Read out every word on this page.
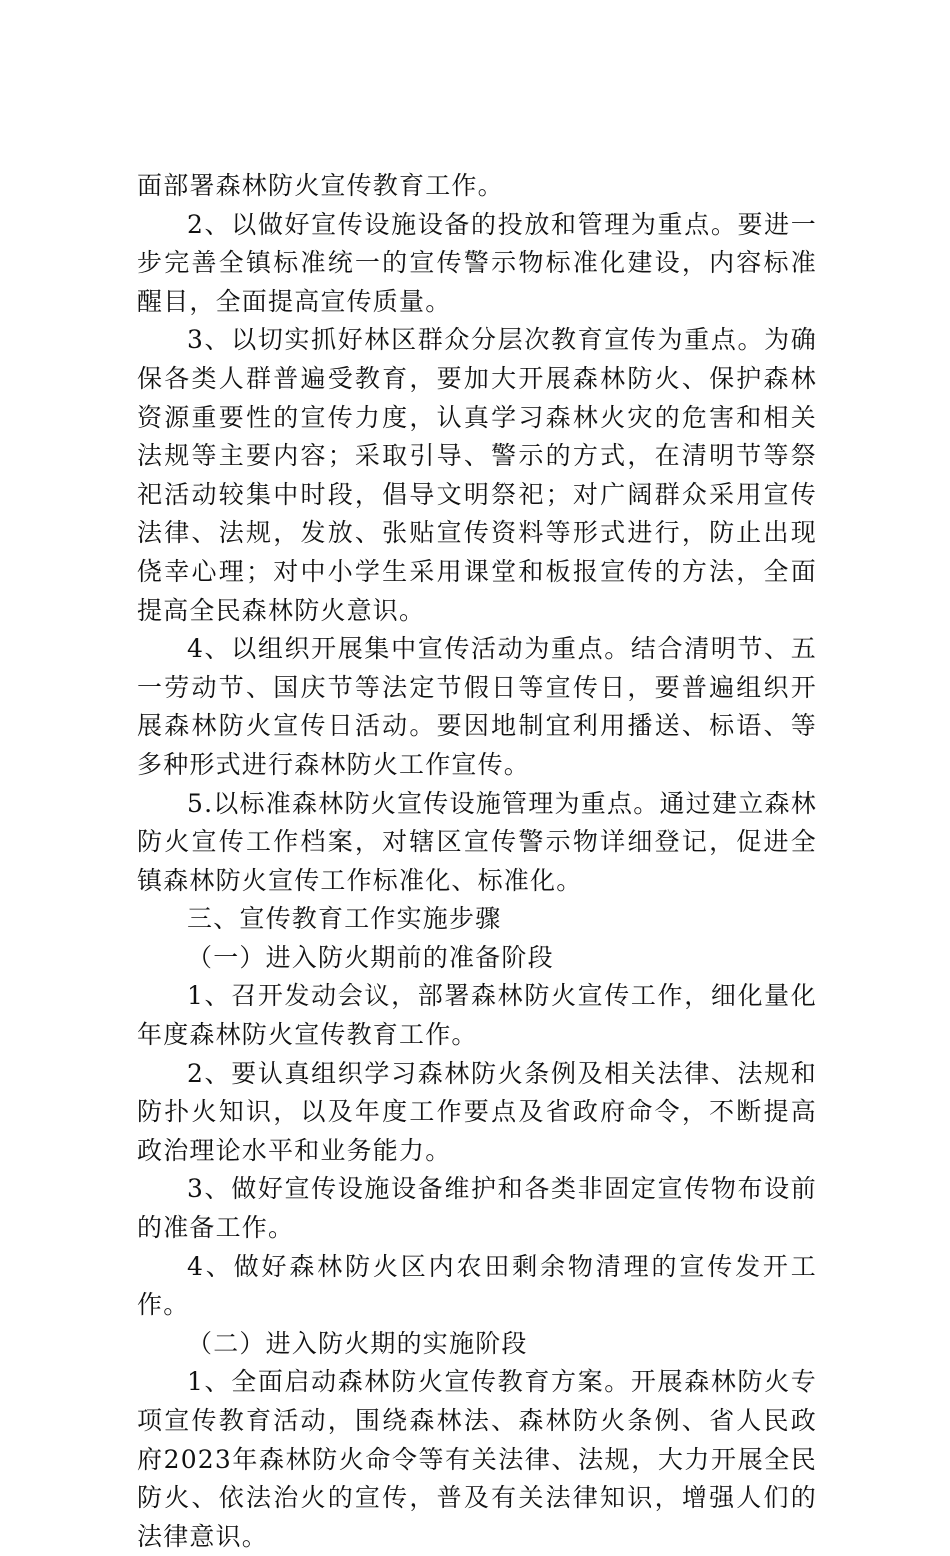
面部署森林防火宣传教育工作。

2、以做好宣传设施设备的投放和管理为重点。要进一步完善全镇标准统一的宣传警示物标准化建设，内容标准醒目，全面提高宣传质量。

3、以切实抓好林区群众分层次教育宣传为重点。为确保各类人群普遍受教育，要加大开展森林防火、保护森林资源重要性的宣传力度，认真学习森林火灾的危害和相关法规等主要内容；采取引导、警示的方式，在清明节等祭祀活动较集中时段，倡导文明祭祀；对广阔群众采用宣传法律、法规，发放、张贴宣传资料等形式进行，防止出现侥幸心理；对中小学生采用课堂和板报宣传的方法，全面提高全民森林防火意识。

4、以组织开展集中宣传活动为重点。结合清明节、五一劳动节、国庆节等法定节假日等宣传日，要普遍组织开展森林防火宣传日活动。要因地制宜利用播送、标语、等多种形式进行森林防火工作宣传。

5.以标准森林防火宣传设施管理为重点。通过建立森林防火宣传工作档案，对辖区宣传警示物详细登记，促进全镇森林防火宣传工作标准化、标准化。

三、宣传教育工作实施步骤

（一）进入防火期前的准备阶段

1、召开发动会议，部署森林防火宣传工作，细化量化年度森林防火宣传教育工作。

2、要认真组织学习森林防火条例及相关法律、法规和防扑火知识，以及年度工作要点及省政府命令，不断提高政治理论水平和业务能力。

3、做好宣传设施设备维护和各类非固定宣传物布设前的准备工作。

4、做好森林防火区内农田剩余物清理的宣传发开工作。

（二）进入防火期的实施阶段

1、全面启动森林防火宣传教育方案。开展森林防火专项宣传教育活动，围绕森林法、森林防火条例、省人民政府2023年森林防火命令等有关法律、法规，大力开展全民防火、依法治火的宣传，普及有关法律知识，增强人们的法律意识。
